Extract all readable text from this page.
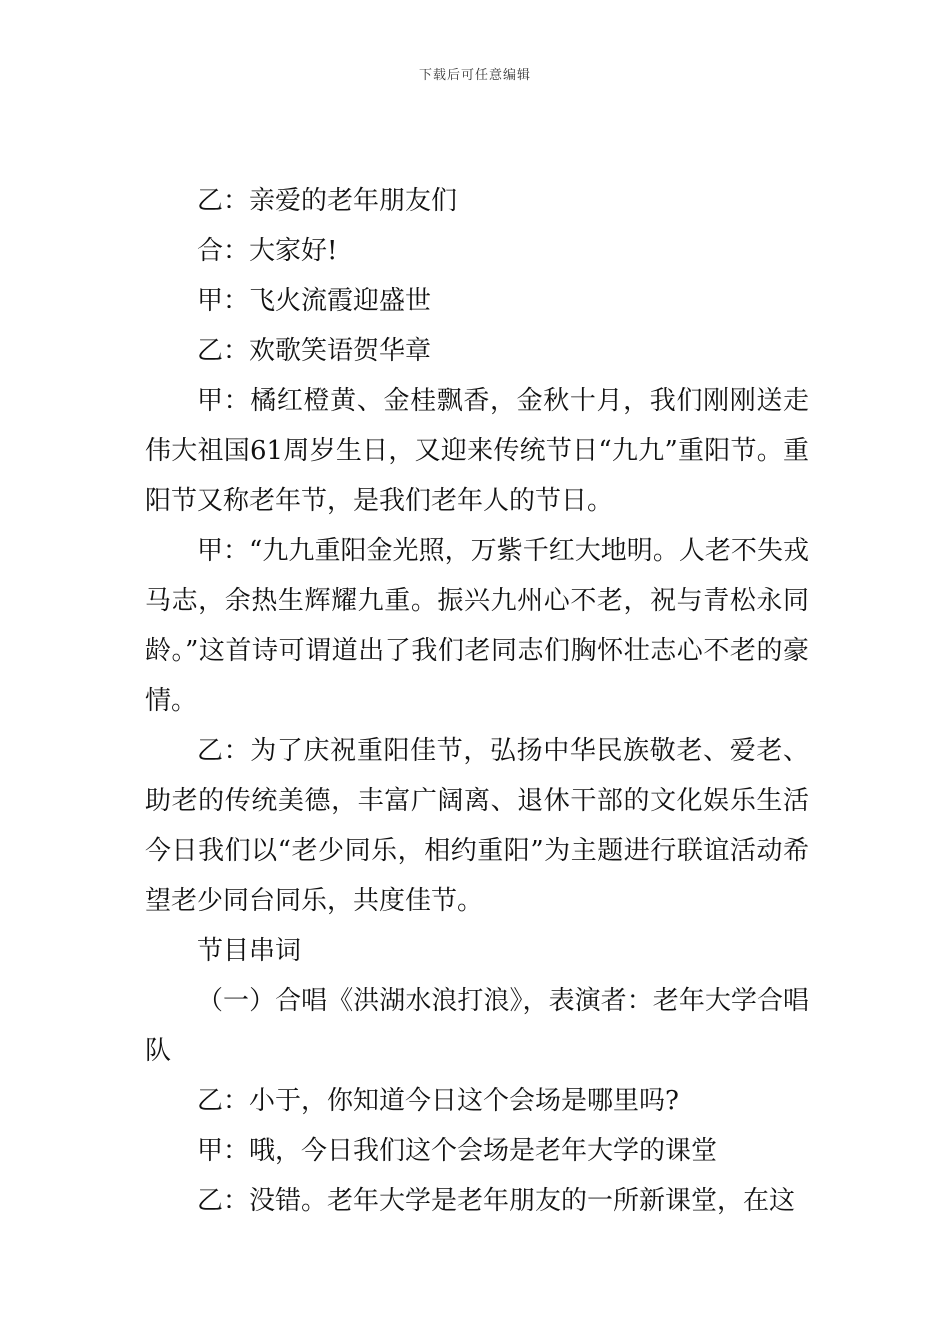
下载后可任意编辑

乙：亲爱的老年朋友们

合：大家好!

甲：飞火流霞迎盛世

乙：欢歌笑语贺华章

甲：橘红橙黄、金桂飘香，金秋十月，我们刚刚送走伟大祖国61周岁生日，又迎来传统节日“九九”重阳节。重阳节又称老年节，是我们老年人的节日。

甲：“九九重阳金光照，万紫千红大地明。人老不失戎马志，余热生辉耀九重。振兴九州心不老，祝与青松永同龄。”这首诗可谓道出了我们老同志们胸怀壮志心不老的豪情。

乙：为了庆祝重阳佳节，弘扬中华民族敬老、爱老、助老的传统美德，丰富广阔离、退休干部的文化娱乐生活今日我们以“老少同乐，相约重阳”为主题进行联谊活动希望老少同台同乐，共度佳节。

节目串词

（一）合唱《洪湖水浪打浪》，表演者：老年大学合唱队

乙：小于，你知道今日这个会场是哪里吗?

甲：哦，今日我们这个会场是老年大学的课堂

乙：没错。老年大学是老年朋友的一所新课堂，在这
